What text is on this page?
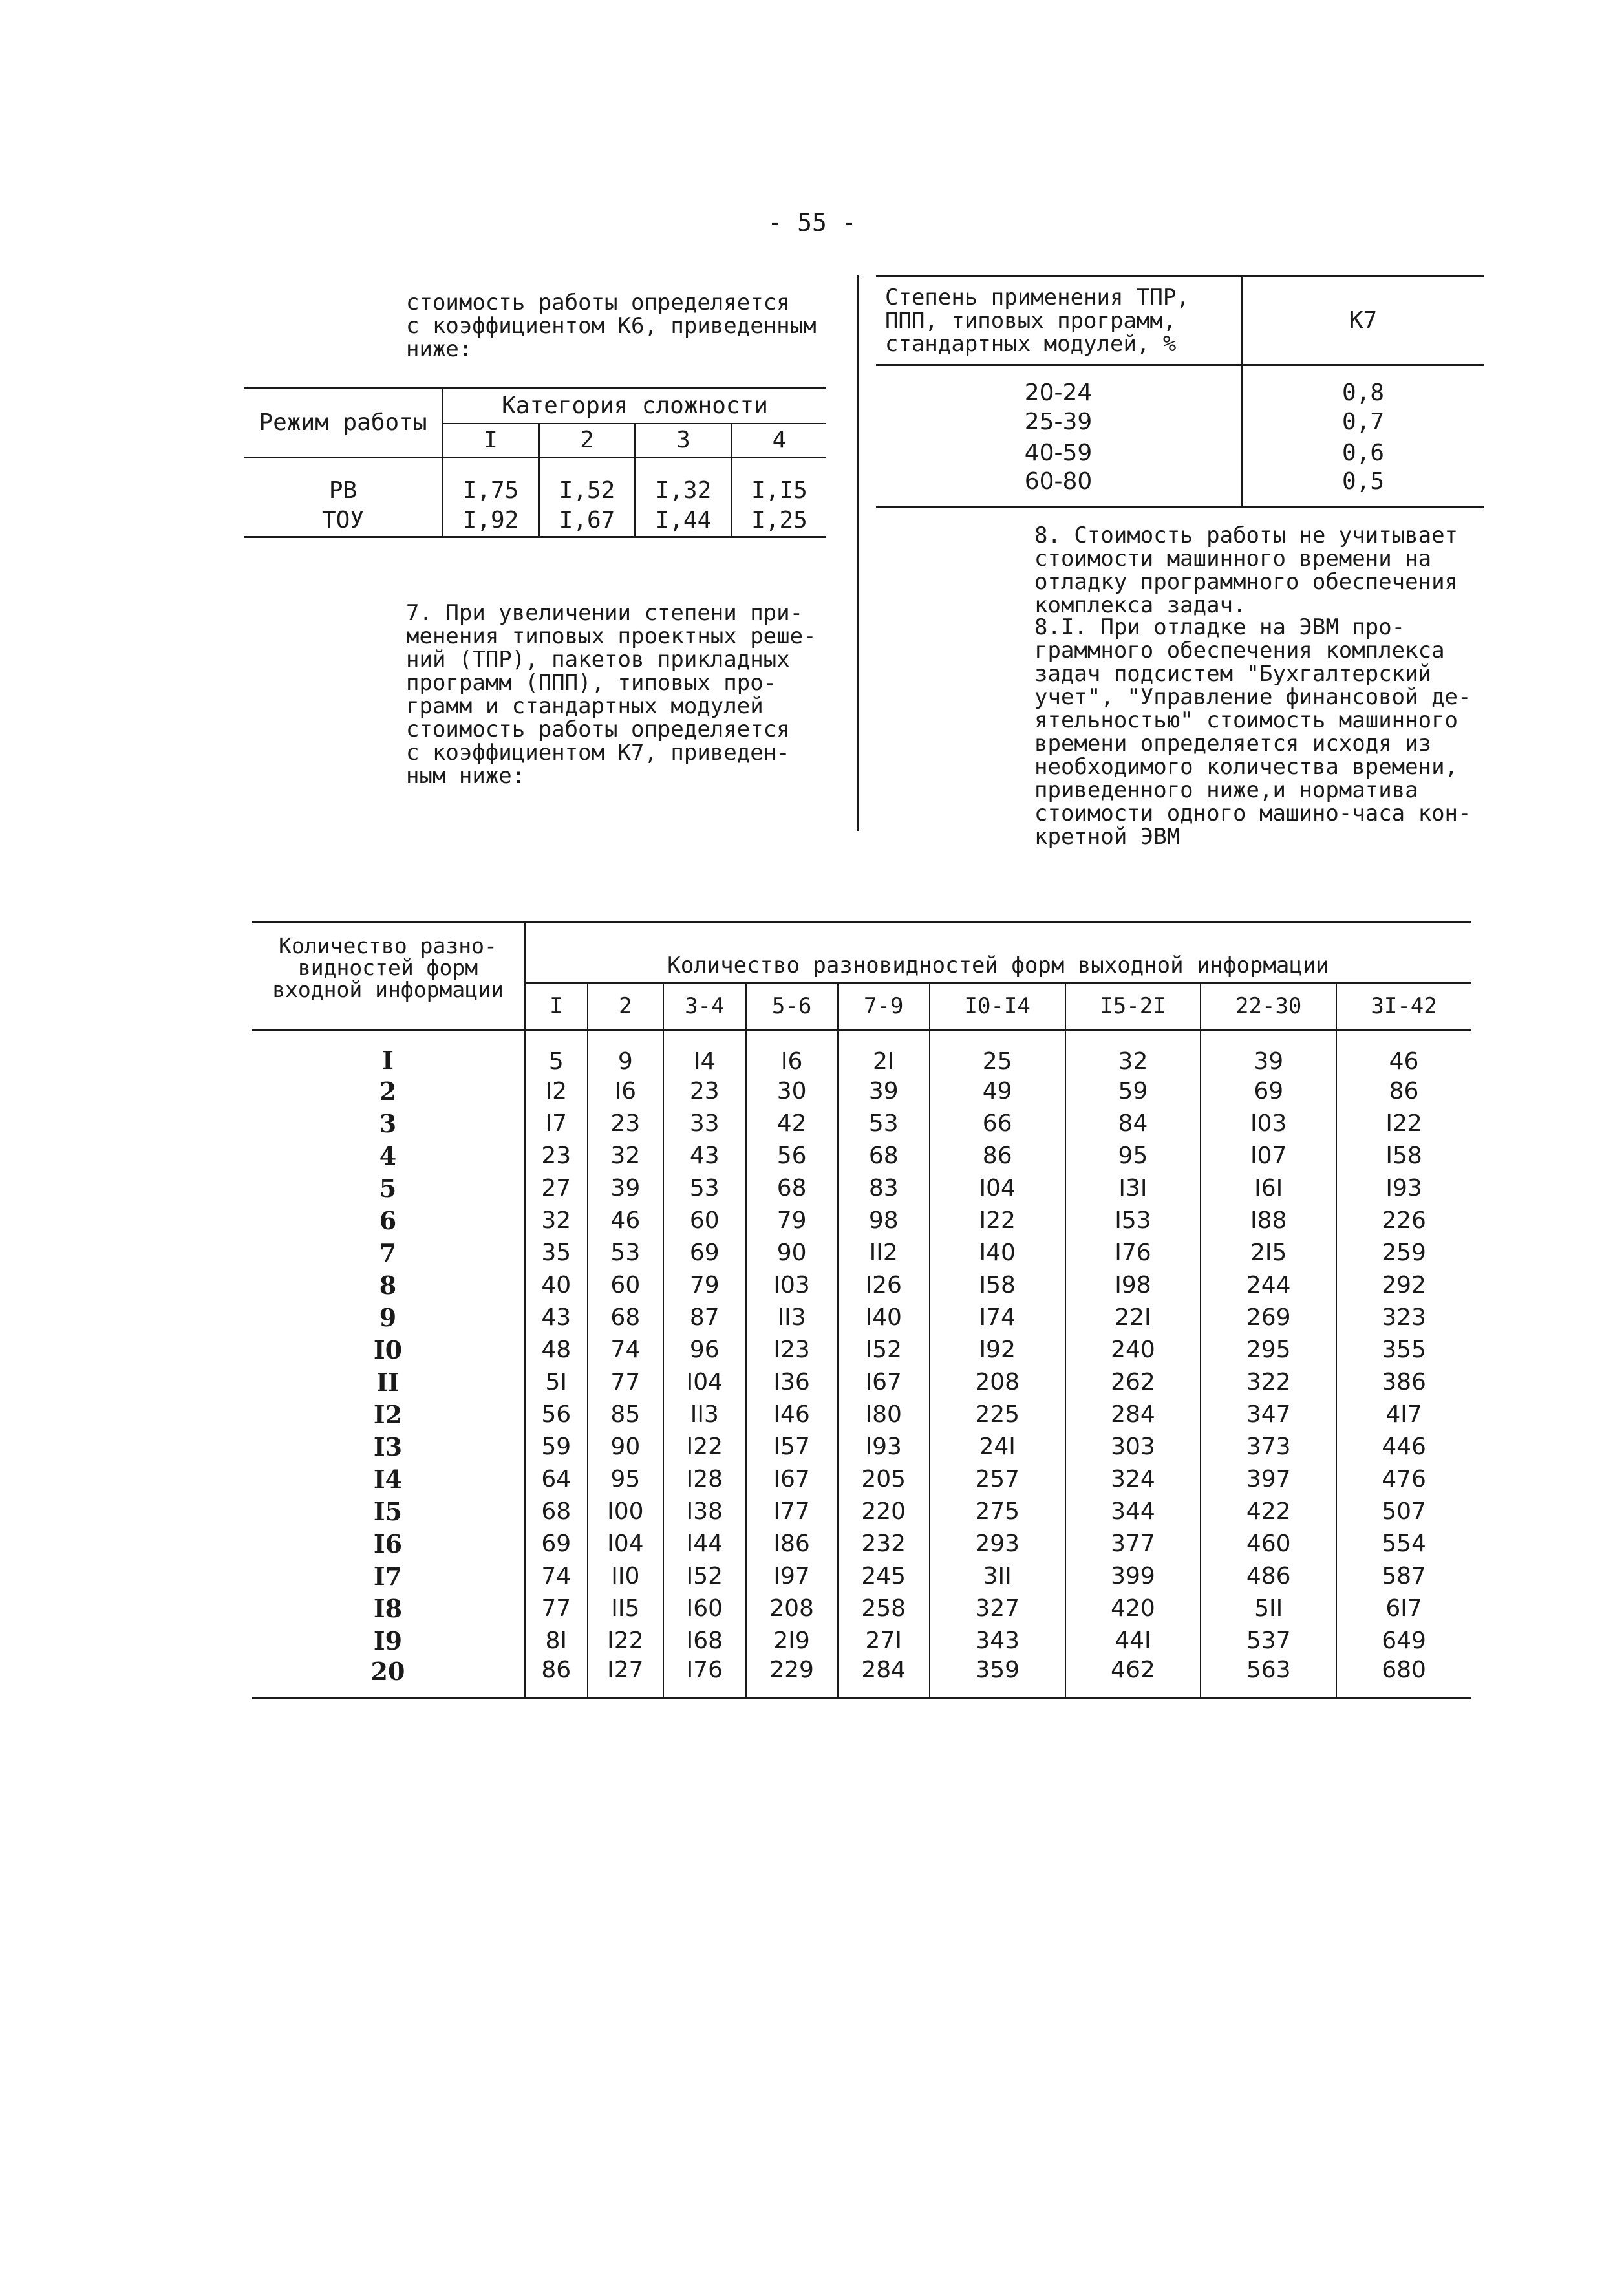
- 55 -
стоимость работы определяется
с коэффициентом К6, приведенным
ниже:
Режим работы	Категория сложности			
	I	2	3	4
РВ	I,75	I,52	I,32	I,I5
ТОУ	I,92	I,67	I,44	I,25
7. При увеличении степени при-
менения типовых проектных реше-
ний (ТПР), пакетов прикладных
программ (ППП), типовых про-
грамм и стандартных модулей
стоимость работы определяется
с коэффициентом К7, приведен-
ным ниже:
Степень применения ТПР,
ППП, типовых программ,
стандартных модулей, %	К7
20-24	0,8
25-39	0,7
40-59	0,6
60-80	0,5
8. Стоимость работы не учитывает
стоимости машинного времени на
отладку программного обеспечения
комплекса задач.
8.I. При отладке на ЭВМ про-
граммного обеспечения комплекса
задач подсистем "Бухгалтерский
учет", "Управление финансовой де-
ятельностью" стоимость машинного
времени определяется исходя из
необходимого количества времени,
приведенного ниже,и норматива
стоимости одного машино-часа кон-
кретной ЭВМ
Количество разно-
видностей форм
входной информации	Количество разновидностей форм выходной информации								
	I	2	3-4	5-6	7-9	I0-I4	I5-2I	22-30	3I-42
I	5	9	I4	I6	2I	25	32	39	46
2	I2	I6	23	30	39	49	59	69	86
3	I7	23	33	42	53	66	84	I03	I22
4	23	32	43	56	68	86	95	I07	I58
5	27	39	53	68	83	I04	I3I	I6I	I93
6	32	46	60	79	98	I22	I53	I88	226
7	35	53	69	90	II2	I40	I76	2I5	259
8	40	60	79	I03	I26	I58	I98	244	292
9	43	68	87	II3	I40	I74	22I	269	323
I0	48	74	96	I23	I52	I92	240	295	355
II	5I	77	I04	I36	I67	208	262	322	386
I2	56	85	II3	I46	I80	225	284	347	4I7
I3	59	90	I22	I57	I93	24I	303	373	446
I4	64	95	I28	I67	205	257	324	397	476
I5	68	I00	I38	I77	220	275	344	422	507
I6	69	I04	I44	I86	232	293	377	460	554
I7	74	II0	I52	I97	245	3II	399	486	587
I8	77	II5	I60	208	258	327	420	5II	6I7
I9	8I	I22	I68	2I9	27I	343	44I	537	649
20	86	I27	I76	229	284	359	462	563	680
